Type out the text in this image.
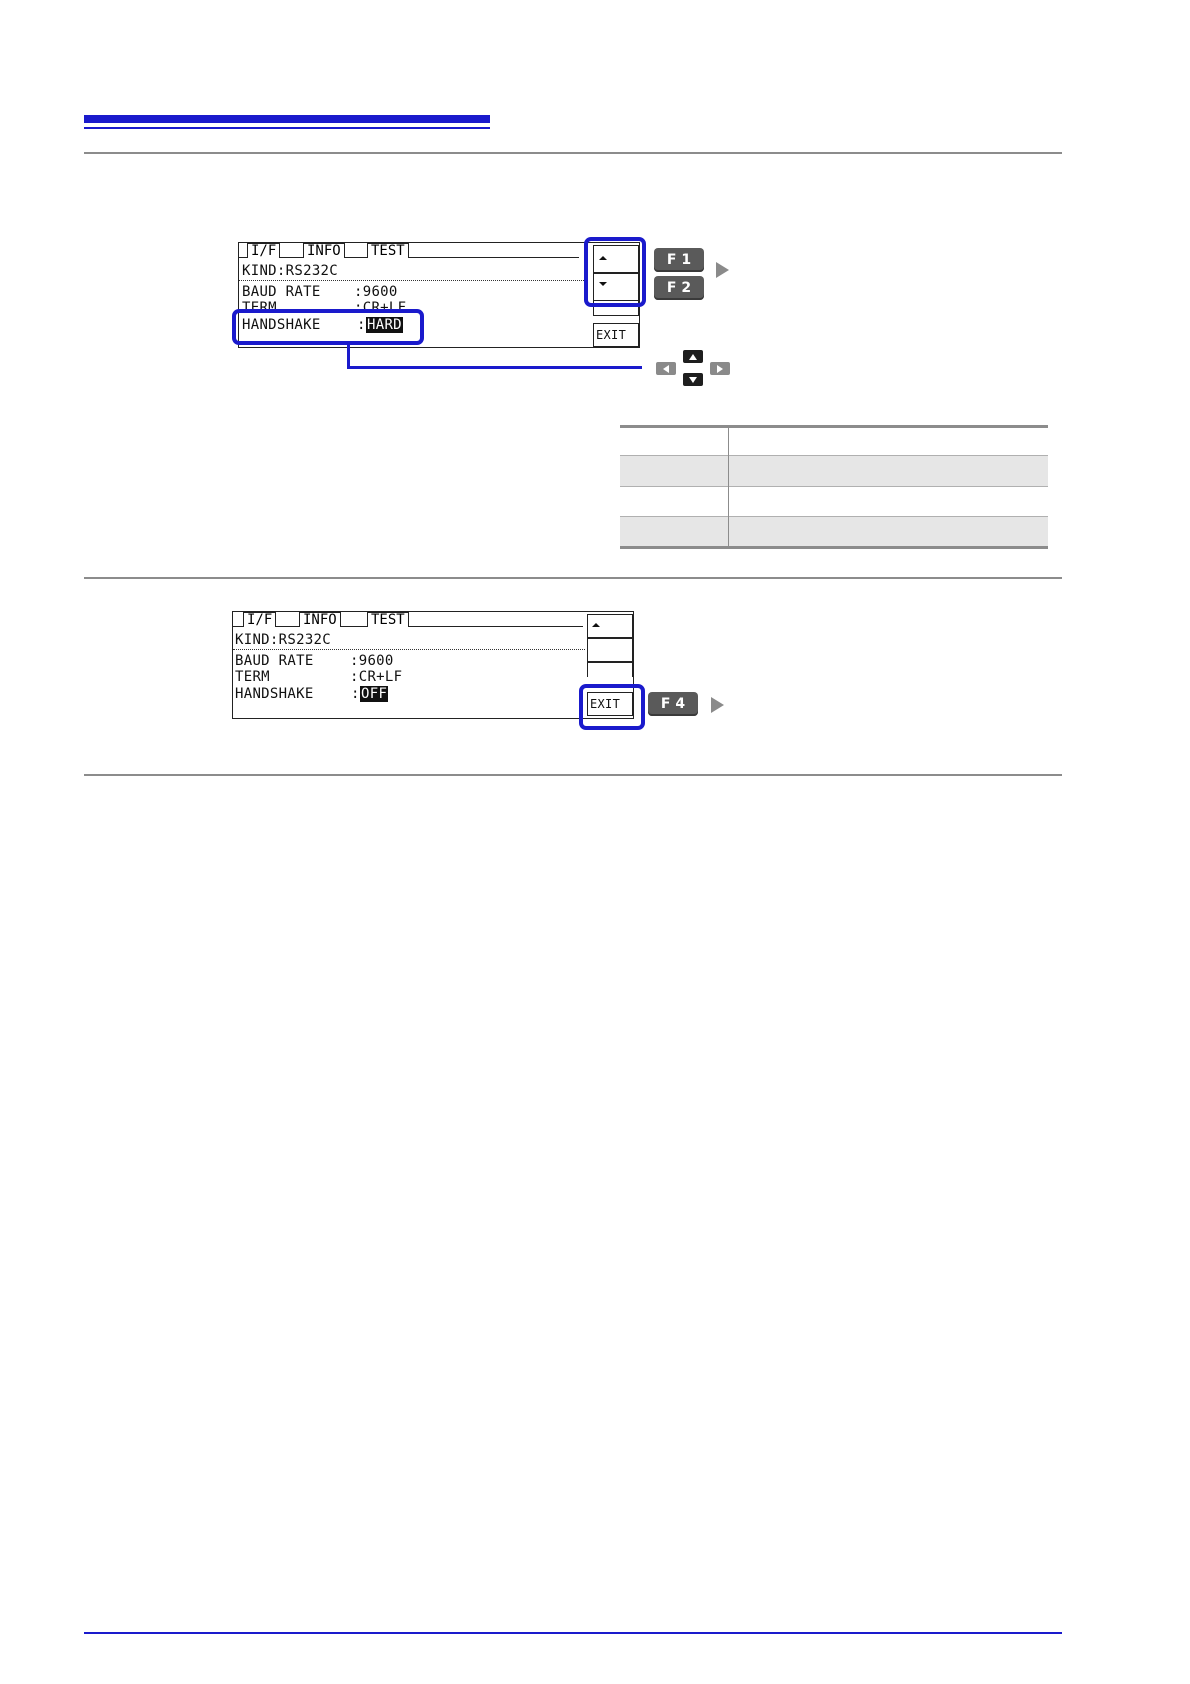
I/F INFO TEST
KIND:RS232C
BAUD RATE :9600
TERM	:CR+LF
HANDSHAKE	: HARD
EXIT
F 1
F 2
I/F INFO TEST
KIND:RS232C
BAUD RATE	:9600
TERM	:CR+LF
HANDSHAKE	: OFF
EXIT	F 4
